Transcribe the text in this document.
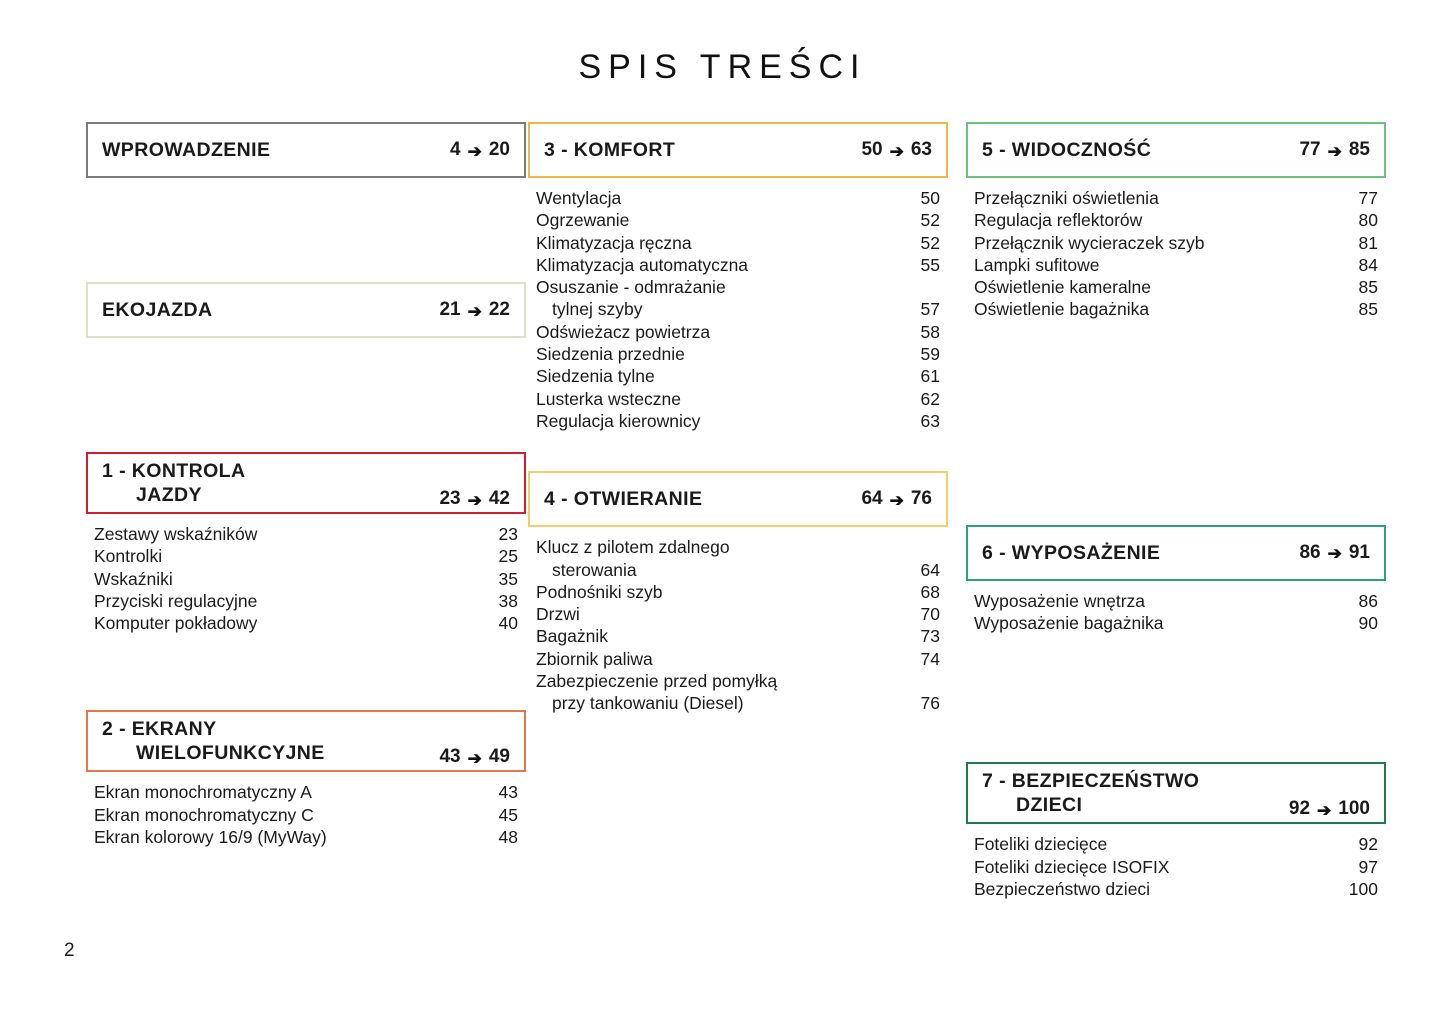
SPIS TREŚCI
WPROWADZENIE	4 ➔ 20
EKOJAZDA	21 ➔ 22
1 - KONTROLA
JAZDY	23 ➔ 42
Zestawy wskaźników	23
Kontrolki	25
Wskaźniki	35
Przyciski regulacyjne	38
Komputer pokładowy	40
2 - EKRANY
WIELOFUNKCYJNE	43 ➔ 49
Ekran monochromatyczny A	43
Ekran monochromatyczny C	45
Ekran kolorowy 16/9 (MyWay)	48
3 - KOMFORT	50 ➔ 63
Wentylacja	50
Ogrzewanie	52
Klimatyzacja ręczna	52
Klimatyzacja automatyczna	55
Osuszanie - odmrażanie
tylnej szyby	57
Odświeżacz powietrza	58
Siedzenia przednie	59
Siedzenia tylne	61
Lusterka wsteczne	62
Regulacja kierownicy	63
4 - OTWIERANIE	64 ➔ 76
Klucz z pilotem zdalnego
sterowania	64
Podnośniki szyb	68
Drzwi	70
Bagażnik	73
Zbiornik paliwa	74
Zabezpieczenie przed pomyłką
przy tankowaniu (Diesel)	76
5 - WIDOCZNOŚĆ	77 ➔ 85
Przełączniki oświetlenia	77
Regulacja reflektorów	80
Przełącznik wycieraczek szyb	81
Lampki sufitowe	84
Oświetlenie kameralne	85
Oświetlenie bagażnika	85
6 - WYPOSAŻENIE	86 ➔ 91
Wyposażenie wnętrza	86
Wyposażenie bagażnika	90
7 - BEZPIECZEŃSTWO
DZIECI	92 ➔ 100
Foteliki dziecięce	92
Foteliki dziecięce ISOFIX	97
Bezpieczeństwo dzieci	100
2
